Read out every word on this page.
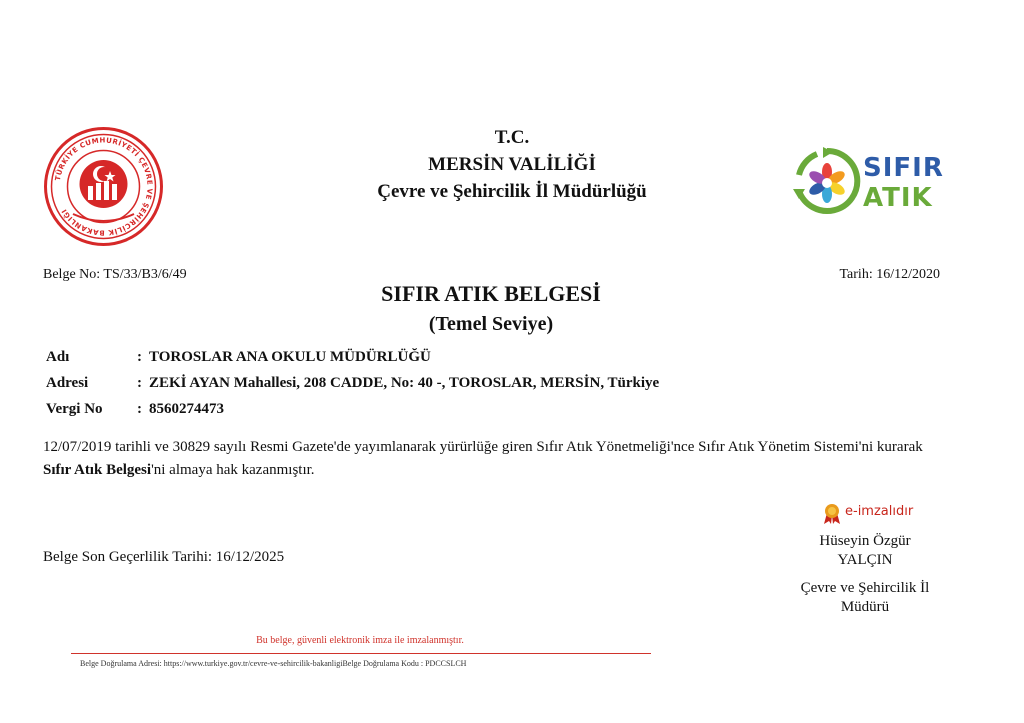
T.C.
MERSİN VALİLİĞİ
Çevre ve Şehircilik İl Müdürlüğü
TÜRKİYE CUMHURİYETİ ÇEVRE VE ŞEHİRCİLİK BAKANLIĞI
SIFIR
ATIK
Belge No: TS/33/B3/6/49	Tarih: 16/12/2020
SIFIR ATIK BELGESİ
(Temel Seviye)
Adı	:	TOROSLAR ANA OKULU MÜDÜRLÜĞÜ
Adresi	:	ZEKİ AYAN Mahallesi, 208 CADDE, No: 40 -, TOROSLAR, MERSİN, Türkiye
Vergi No	:	8560274473
12/07/2019 tarihli ve 30829 sayılı Resmi Gazete'de yayımlanarak yürürlüğe giren Sıfır Atık Yönetmeliği'nce Sıfır Atık Yönetim Sistemi'ni kurarak Sıfır Atık Belgesi'ni almaya hak kazanmıştır.
Belge Son Geçerlilik Tarihi: 16/12/2025
e-imzalıdır
Hüseyin Özgür
YALÇIN
Çevre ve Şehircilik İl
Müdürü
Bu belge, güvenli elektronik imza ile imzalanmıştır.
Belge Doğrulama Adresi: https://www.turkiye.gov.tr/cevre-ve-sehircilik-bakanligiBelge Doğrulama Kodu : PDCCSLCH
